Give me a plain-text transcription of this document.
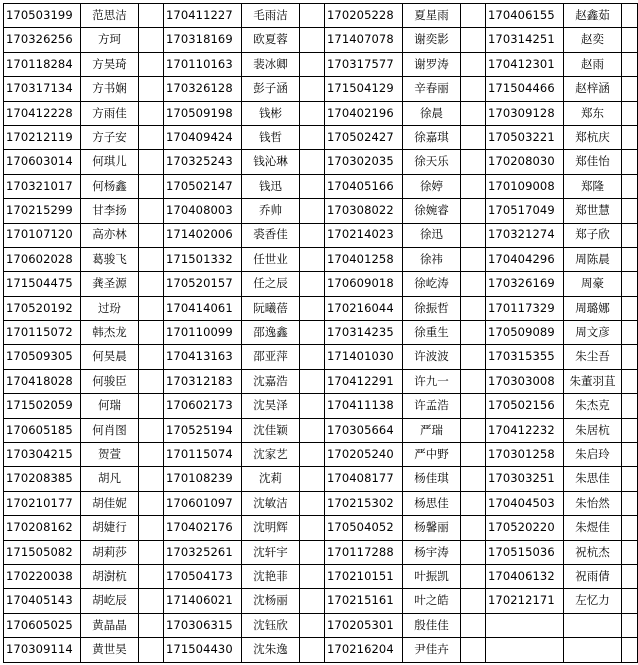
170503199	范思洁		170411227	毛雨洁		170205228	夏星雨		170406155	赵鑫茹	
170326256	方珂		170318169	欧夏蓉		171407078	谢奕影		170314251	赵奕	
170118284	方昊琦		170110163	裴冰卿		170317577	谢罗涛		170412301	赵雨	
170317134	方书娴		170326128	彭子涵		171504129	辛春丽		171504466	赵梓涵	
170412228	方雨佳		170509198	钱彬		170402196	徐晨		170309128	郑东	
170212119	方子安		170409424	钱哲		170502427	徐嘉琪		170503221	郑杭庆	
170603014	何琪儿		170325243	钱沁琳		170302035	徐天乐		170208030	郑佳怡	
170321017	何杨鑫		170502147	钱迅		170405166	徐婷		170109008	郑隆	
170215299	甘李扬		170408003	乔帅		170308022	徐婉睿		170517049	郑世慧	
170107120	高亦林		171402006	裘香佳		170214023	徐迅		170321274	郑子欣	
170602028	葛骏飞		171501332	任世业		170401258	徐祎		170404296	周陈晨	
171504475	龚圣源		170520157	任之辰		170609018	徐屹涛		170326169	周豪	
170520192	过玢		170414061	阮曦蓓		170216044	徐振哲		170117329	周璐娜	
170115072	韩杰龙		170110099	邵逸鑫		170314235	徐重生		170509089	周文彦	
170509305	何昊晨		170413163	邵亚萍		171401030	许波波		170315355	朱尘吾	
170418028	何骏臣		170312183	沈嘉浩		170412291	许九一		170303008	朱董羽苴	
171502059	何瑞		170602173	沈昊泽		170411138	许孟浩		170502156	朱杰克	
170605185	何肖图		170525194	沈佳颖		170305664	严瑞		170412232	朱居杭	
170304215	贺萱		170115074	沈家艺		170205240	严中野		170301258	朱启玲	
170208385	胡凡		170108239	沈莉		170408177	杨佳琪		170303251	朱思佳	
170210177	胡佳妮		170601097	沈敏洁		170215302	杨思佳		170404503	朱怡然	
170208162	胡婕行		170402176	沈明辉		170504052	杨馨丽		170520220	朱煜佳	
171505082	胡莉莎		170325261	沈轩宇		170117288	杨宇涛		170515036	祝杭杰	
170220038	胡澍杭		170504173	沈艳菲		170210151	叶振凯		170406132	祝雨倩	
170405143	胡屹辰		171406021	沈杨丽		170215161	叶之皓		170212171	左忆力	
170605025	黄晶晶		170306315	沈钰欣		170205301	殷佳佳				
170309114	黄世昊		171504430	沈朱逸		170216204	尹佳卉				
